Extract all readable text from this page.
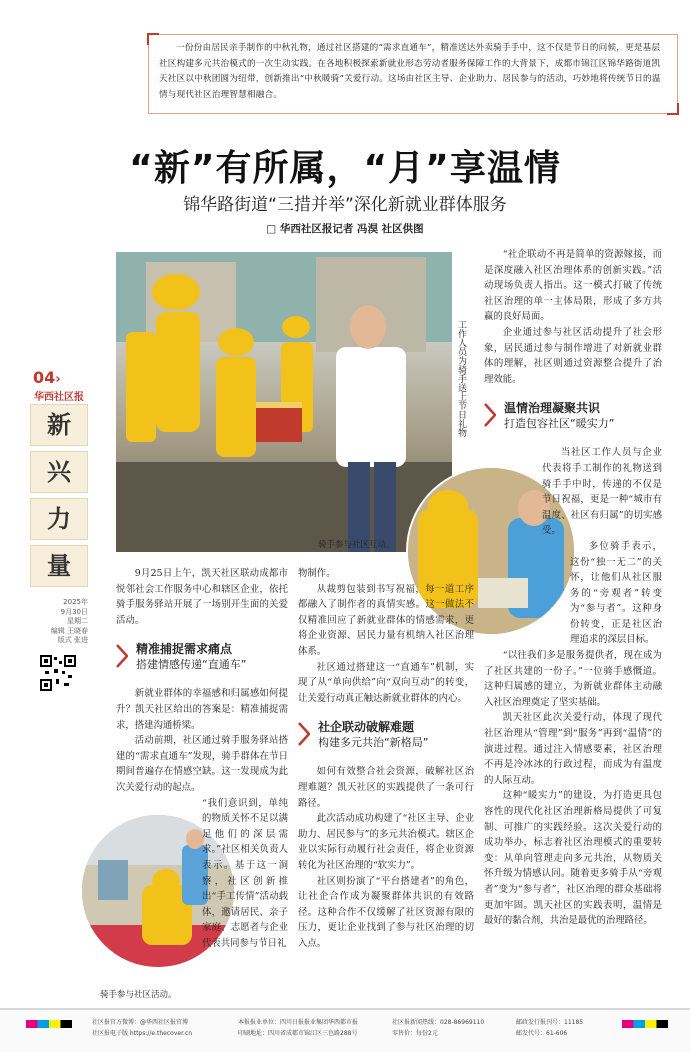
一份份由居民亲手制作的中秋礼物，通过社区搭建的“需求直通车”，精准送达外卖骑手手中，这不仅是节日的问候，更是基层社区构建多元共治模式的一次生动实践。在各地积极探索新就业形态劳动者服务保障工作的大背景下，成都市锦江区锦华路街道凯天社区以中秋团圆为纽带，创新推出“中秋暖骑”关爱行动。这场由社区主导、企业助力、居民参与的活动，巧妙地将传统节日的温情与现代社区治理智慧相融合。

“新”有所属，“月”享温情
锦华路街道“三措并举”深化新就业群体服务
□ 华西社区报记者 冯淏 社区供图
04›
华西社区报
新
兴
力
量
2025年
9月30日
星期二
编辑 王晓春
版式 张进
工作人员为骑手送上节日礼物
骑手参与社区互动。
骑手参与社区活动。

9月25日上午，凯天社区联动成都市悦邻社会工作服务中心和辖区企业，依托骑手服务驿站开展了一场别开生面的关爱活动。

精准捕捉需求痛点
搭建情感传递“直通车”

新就业群体的幸福感和归属感如何提升？凯天社区给出的答案是：精准捕捉需求，搭建沟通桥梁。

活动前期，社区通过骑手服务驿站搭建的“需求直通车”发现，骑手群体在节日期间普遍存在情感空缺。这一发现成为此次关爱行动的起点。

“我们意识到，单纯的物质关怀不足以满足他们的深层需求。”社区相关负责人表示。基于这一洞察，社区创新推出“手工传情”活动载体，邀请居民、亲子家庭、志愿者与企业代表共同参与节日礼

物制作。

从裁剪包装到书写祝福，每一道工序都融入了制作者的真情实感。这一做法不仅精准回应了新就业群体的情感需求，更将企业资源、居民力量有机纳入社区治理体系。

社区通过搭建这一“直通车”机制，实现了从“单向供给”向“双向互动”的转变，让关爱行动真正触达新就业群体的内心。

社企联动破解难题
构建多元共治“新格局”

如何有效整合社会资源，破解社区治理难题？凯天社区的实践提供了一条可行路径。

此次活动成功构建了“社区主导、企业助力、居民参与”的多元共治模式。辖区企业以实际行动履行社会责任，将企业资源转化为社区治理的“软实力”。

社区则扮演了“平台搭建者”的角色，让社企合作成为凝聚群体共识的有效路径。这种合作不仅缓解了社区资源有限的压力，更让企业找到了参与社区治理的切入点。

“社企联动不再是简单的资源嫁接，而是深度融入社区治理体系的创新实践。”活动现场负责人指出。这一模式打破了传统社区治理的单一主体局限，形成了多方共赢的良好局面。

企业通过参与社区活动提升了社会形象，居民通过参与制作增进了对新就业群体的理解，社区则通过资源整合提升了治理效能。

温情治理凝聚共识
打造包容社区“暖实力”

当社区工作人员与企业代表将手工制作的礼物送到骑手手中时，传递的不仅是节日祝福，更是一种“城市有温度、社区有归属”的切实感受。

多位骑手表示，这份“独一无二”的关怀，让他们从社区服务的“旁观者”转变为“参与者”。这种身份转变，正是社区治理追求的深层目标。

“以往我们多是服务提供者，现在成为了社区共建的一份子。”一位骑手感慨道。这种归属感的建立，为新就业群体主动融入社区治理奠定了坚实基础。

凯天社区此次关爱行动，体现了现代社区治理从“管理”到“服务”再到“温情”的演进过程。通过注入情感要素，社区治理不再是冷冰冰的行政过程，而成为有温度的人际互动。

这种“暖实力”的建设，为打造更具包容性的现代化社区治理新格局提供了可复制、可推广的实践经验。这次关爱行动的成功举办，标志着社区治理模式的重要转变：从单向管理走向多元共治，从物质关怀升级为情感认同。随着更多骑手从“旁观者”变为“参与者”，社区治理的群众基础将更加牢固。凯天社区的实践表明，温情是最好的黏合剂，共治是最优的治理路径。

社区报官方微博：@华西社区报官博
社区报电子版 https://e.thecover.cn
本报报业单位：四川日报报业集团华西都市报
印刷地址：四川省成都市锦江区三色路288号
社区报新闻热线：028-86969110
零售价：每份2元
邮政发行报刊号：11185
邮发代号：61-606
